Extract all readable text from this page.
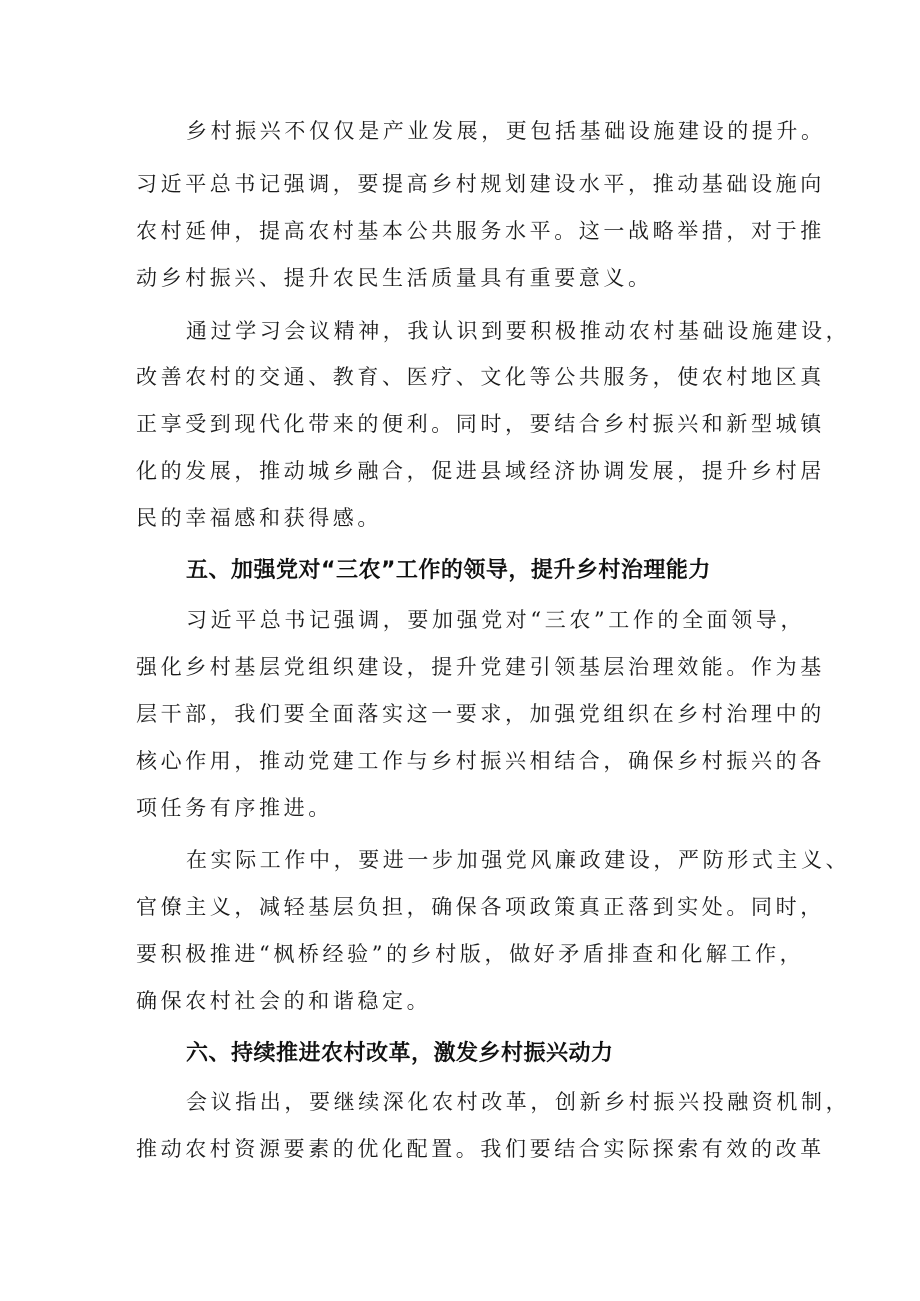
乡村振兴不仅仅是产业发展，更包括基础设施建设的提升。
习近平总书记强调，要提高乡村规划建设水平，推动基础设施向
农村延伸，提高农村基本公共服务水平。这一战略举措，对于推
动乡村振兴、提升农民生活质量具有重要意义。
通过学习会议精神，我认识到要积极推动农村基础设施建设，
改善农村的交通、教育、医疗、文化等公共服务，使农村地区真
正享受到现代化带来的便利。同时，要结合乡村振兴和新型城镇
化的发展，推动城乡融合，促进县域经济协调发展，提升乡村居
民的幸福感和获得感。
五、加强党对“三农”工作的领导，提升乡村治理能力
习近平总书记强调，要加强党对“三农”工作的全面领导，
强化乡村基层党组织建设，提升党建引领基层治理效能。作为基
层干部，我们要全面落实这一要求，加强党组织在乡村治理中的
核心作用，推动党建工作与乡村振兴相结合，确保乡村振兴的各
项任务有序推进。
在实际工作中，要进一步加强党风廉政建设，严防形式主义、
官僚主义，减轻基层负担，确保各项政策真正落到实处。同时，
要积极推进“枫桥经验”的乡村版，做好矛盾排查和化解工作，
确保农村社会的和谐稳定。
六、持续推进农村改革，激发乡村振兴动力
会议指出，要继续深化农村改革，创新乡村振兴投融资机制，
推动农村资源要素的优化配置。我们要结合实际探索有效的改革
